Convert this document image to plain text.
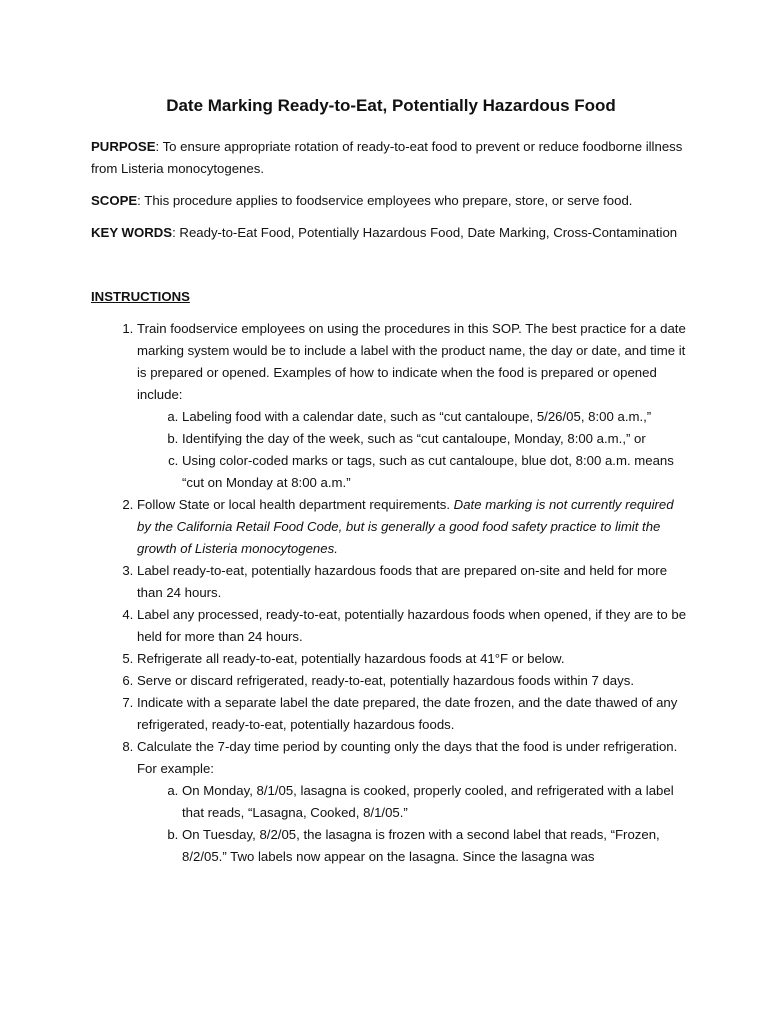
Date Marking Ready-to-Eat, Potentially Hazardous Food

PURPOSE: To ensure appropriate rotation of ready-to-eat food to prevent or reduce foodborne illness from Listeria monocytogenes.

SCOPE: This procedure applies to foodservice employees who prepare, store, or serve food.

KEY WORDS: Ready-to-Eat Food, Potentially Hazardous Food, Date Marking, Cross-Contamination

INSTRUCTIONS
1. Train foodservice employees on using the procedures in this SOP. The best practice for a date marking system would be to include a label with the product name, the day or date, and time it is prepared or opened. Examples of how to indicate when the food is prepared or opened include:
a. Labeling food with a calendar date, such as “cut cantaloupe, 5/26/05, 8:00 a.m.,”
b. Identifying the day of the week, such as “cut cantaloupe, Monday, 8:00 a.m.,” or
c. Using color-coded marks or tags, such as cut cantaloupe, blue dot, 8:00 a.m. means “cut on Monday at 8:00 a.m.”
2. Follow State or local health department requirements. Date marking is not currently required by the California Retail Food Code, but is generally a good food safety practice to limit the growth of Listeria monocytogenes.
3. Label ready-to-eat, potentially hazardous foods that are prepared on-site and held for more than 24 hours.
4. Label any processed, ready-to-eat, potentially hazardous foods when opened, if they are to be held for more than 24 hours.
5. Refrigerate all ready-to-eat, potentially hazardous foods at 41°F or below.
6. Serve or discard refrigerated, ready-to-eat, potentially hazardous foods within 7 days.
7. Indicate with a separate label the date prepared, the date frozen, and the date thawed of any refrigerated, ready-to-eat, potentially hazardous foods.
8. Calculate the 7-day time period by counting only the days that the food is under refrigeration. For example:
a. On Monday, 8/1/05, lasagna is cooked, properly cooled, and refrigerated with a label that reads, “Lasagna, Cooked, 8/1/05.”
b. On Tuesday, 8/2/05, the lasagna is frozen with a second label that reads, “Frozen, 8/2/05.” Two labels now appear on the lasagna. Since the lasagna was
